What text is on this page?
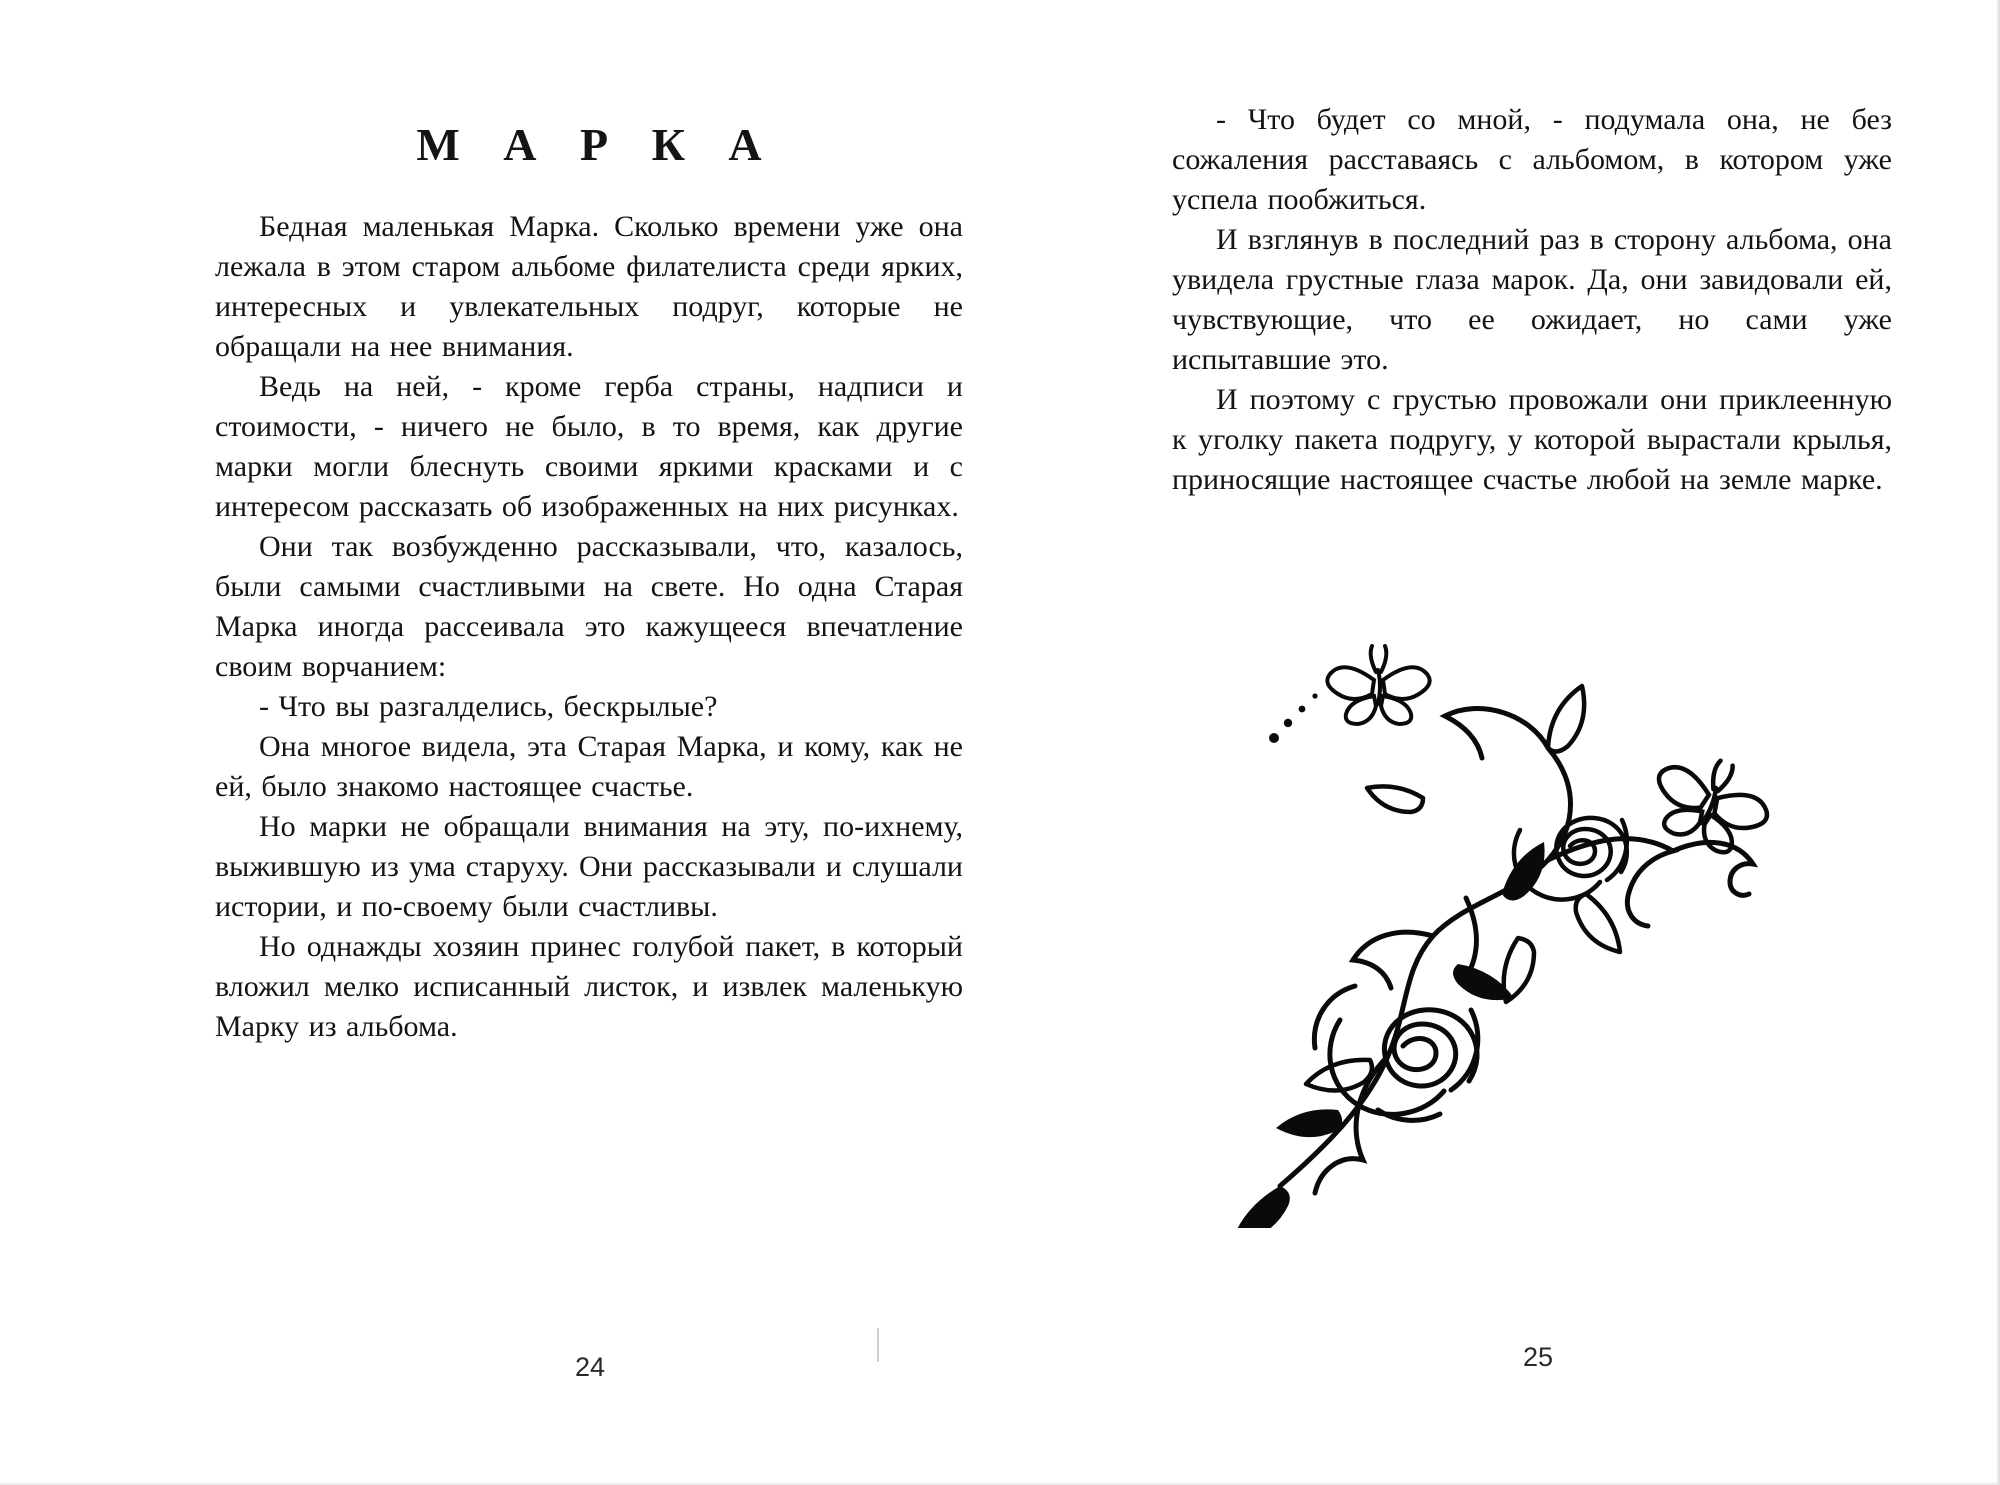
М А Р К А

Бедная маленькая Марка. Сколько времени уже она лежала в этом старом альбоме филателиста среди ярких, интересных и увлекательных подруг, которые не обращали на нее внимания.

Ведь на ней, - кроме герба страны, надписи и стоимости, - ничего не было, в то время, как другие марки могли блеснуть своими яркими красками и с интересом рассказать об изображенных на них рисунках.

Они так возбужденно рассказывали, что, казалось, были самыми счастливыми на свете. Но одна Старая Марка иногда рассеивала это кажущееся впечатление своим ворчанием:

- Что вы разгалделись, бескрылые?

Она многое видела, эта Старая Марка, и кому, как не ей, было знакомо настоящее счастье.

Но марки не обращали внимания на эту, по-ихнему, выжившую из ума старуху. Они рассказывали и слушали истории, и по-своему были счастливы.

Но однажды хозяин принес голубой пакет, в который вложил мелко исписанный листок, и извлек маленькую Марку из альбома.

24

- Что будет со мной, - подумала она, не без сожаления расставаясь с альбомом, в котором уже успела пообжиться.

И взглянув в последний раз в сторону альбома, она увидела грустные глаза марок. Да, они завидовали ей, чувствующие, что ее ожидает, но сами уже испытавшие это.

И поэтому с грустью провожали они приклеенную к уголку пакета подругу, у которой вырастали крылья, приносящие настоящее счастье любой на земле марке.

25
